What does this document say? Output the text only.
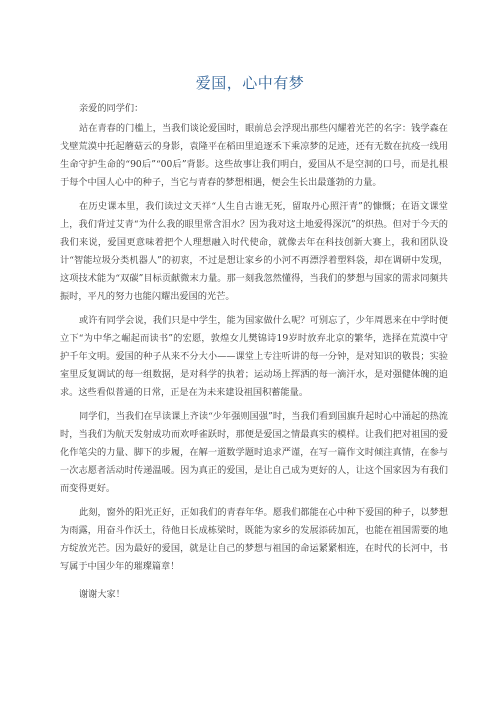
爱国，心中有梦

亲爱的同学们：

站在青春的门槛上，当我们谈论爱国时，眼前总会浮现出那些闪耀着光芒的名字：钱学森在戈壁荒漠中托起蘑菇云的身影，袁隆平在稻田里追逐禾下乘凉梦的足迹，还有无数在抗疫一线用生命守护生命的“90后”“00后”背影。这些故事让我们明白，爱国从不是空洞的口号，而是扎根于每个中国人心中的种子，当它与青春的梦想相遇，便会生长出最蓬勃的力量。

在历史课本里，我们读过文天祥“人生自古谁无死，留取丹心照汗青”的慷慨；在语文课堂上，我们背过艾青“为什么我的眼里常含泪水？因为我对这土地爱得深沉”的炽热。但对于今天的我们来说，爱国更意味着把个人理想融入时代使命，就像去年在科技创新大赛上，我和团队设计“智能垃圾分类机器人”的初衷，不过是想让家乡的小河不再漂浮着塑料袋，却在调研中发现，这项技术能为“双碳”目标贡献微末力量。那一刻我忽然懂得，当我们的梦想与国家的需求同频共振时，平凡的努力也能闪耀出爱国的光芒。

或许有同学会说，我们只是中学生，能为国家做什么呢？可别忘了，少年周恩来在中学时便立下“为中华之崛起而读书”的宏愿，敦煌女儿樊锦诗19岁时放弃北京的繁华，选择在荒漠中守护千年文明。爱国的种子从来不分大小——课堂上专注听讲的每一分钟，是对知识的敬畏；实验室里反复调试的每一组数据，是对科学的执着；运动场上挥洒的每一滴汗水，是对强健体魄的追求。这些看似普通的日常，正是在为未来建设祖国积蓄能量。

同学们，当我们在早读课上齐读“少年强则国强”时，当我们看到国旗升起时心中涌起的热流时，当我们为航天发射成功而欢呼雀跃时，那便是爱国之情最真实的模样。让我们把对祖国的爱化作笔尖的力量、脚下的步履，在解一道数学题时追求严谨，在写一篇作文时倾注真情，在参与一次志愿者活动时传递温暖。因为真正的爱国，是让自己成为更好的人，让这个国家因为有我们而变得更好。

此刻，窗外的阳光正好，正如我们的青春年华。愿我们都能在心中种下爱国的种子，以梦想为雨露，用奋斗作沃土，待他日长成栋梁时，既能为家乡的发展添砖加瓦，也能在祖国需要的地方绽放光芒。因为最好的爱国，就是让自己的梦想与祖国的命运紧紧相连，在时代的长河中，书写属于中国少年的璀璨篇章！

谢谢大家！
